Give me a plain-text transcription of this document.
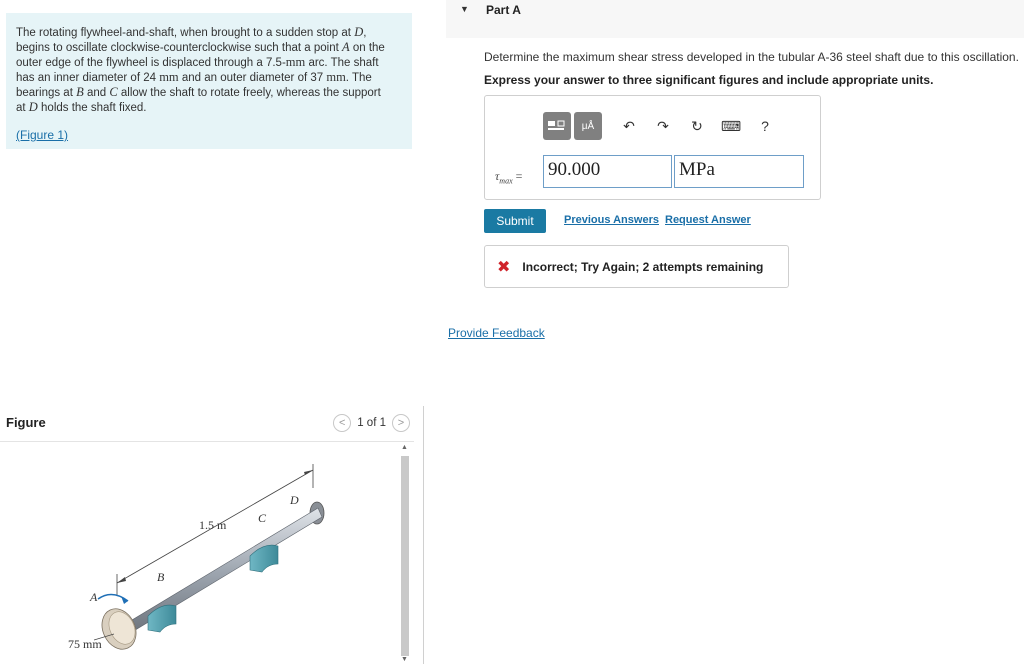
The rotating flywheel-and-shaft, when brought to a sudden stop at D,
begins to oscillate clockwise-counterclockwise such that a point A on the
outer edge of the flywheel is displaced through a 7.5-mm arc. The shaft
has an inner diameter of 24 mm and an outer diameter of 37 mm. The
bearings at B and C allow the shaft to rotate freely, whereas the support
at D holds the shaft fixed.
(Figure 1)
Figure	<	1 of 1	>
1.5 m
75 mm
A
B
C
D
▲
▼
▼ Part A
Determine the maximum shear stress developed in the tubular A-36 steel shaft due to this oscillation.
Express your answer to three significant figures and include appropriate units.
μÅ	↶ ↷ ↻ ⌨	?
$\tau_{max} = 90.000$	MPa
Submit	Previous Answers Request Answer
✖ Incorrect; Try Again; 2 attempts remaining
Provide Feedback
